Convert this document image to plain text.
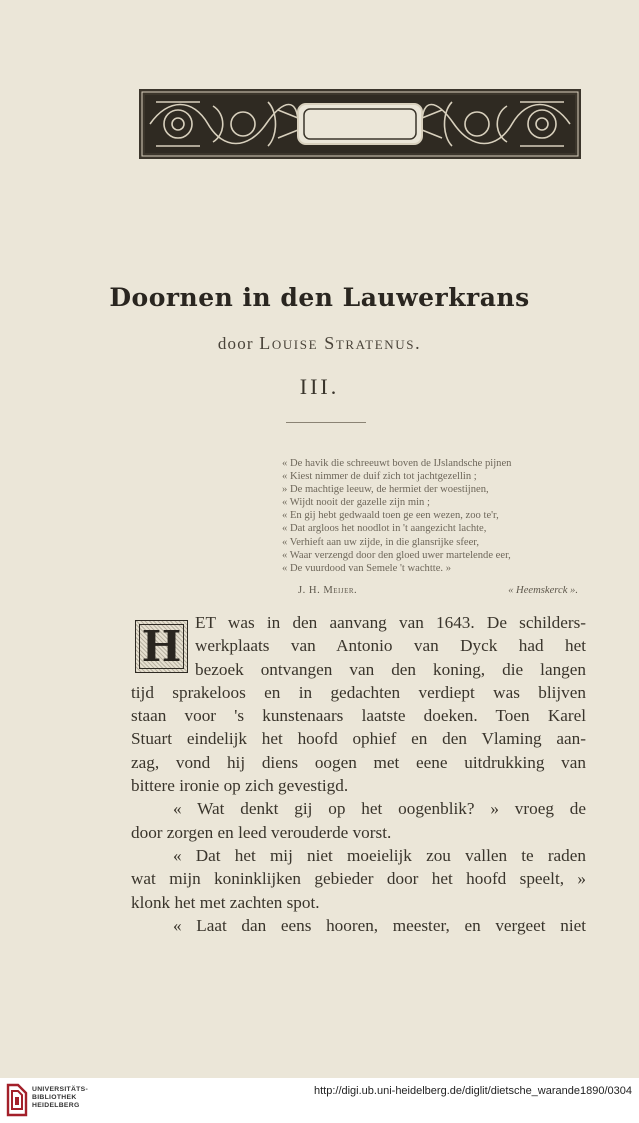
Doornen in den Lauwerkrans
door Louise Stratenus.
III.
« De havik die schreeuwt boven de IJslandsche pijnen
« Kiest nimmer de duif zich tot jachtgezellin ;
» De machtige leeuw, de hermiet der woestijnen,
« Wijdt nooit der gazelle zijn min ;
« En gij hebt gedwaald toen ge een wezen, zoo te'r,
« Dat argloos het noodlot in 't aangezicht lachte,
« Verhieft aan uw zijde, in die glansrijke sfeer,
« Waar verzengd door den gloed uwer martelende eer,
« De vuurdood van Semele 't wachtte. »
J. H. Meijer.	« Heemskerck ».
H ET was in den aanvang van 1643. De schilders-
werkplaats van Antonio van Dyck had het
bezoek ontvangen van den koning, die langen
tijd sprakeloos en in gedachten verdiept was blijven
staan voor 's kunstenaars laatste doeken. Toen Karel
Stuart eindelijk het hoofd ophief en den Vlaming aan-
zag, vond hij diens oogen met eene uitdrukking van
bittere ironie op zich gevestigd.
« Wat denkt gij op het oogenblik? » vroeg de
door zorgen en leed verouderde vorst.
« Dat het mij niet moeielijk zou vallen te raden
wat mijn koninklijken gebieder door het hoofd speelt, »
klonk het met zachten spot.
« Laat dan eens hooren, meester, en vergeet niet
UNIVERSITÄTS-
BIBLIOTHEK
HEIDELBERG
http://digi.ub.uni-heidelberg.de/diglit/dietsche_warande1890/0304
